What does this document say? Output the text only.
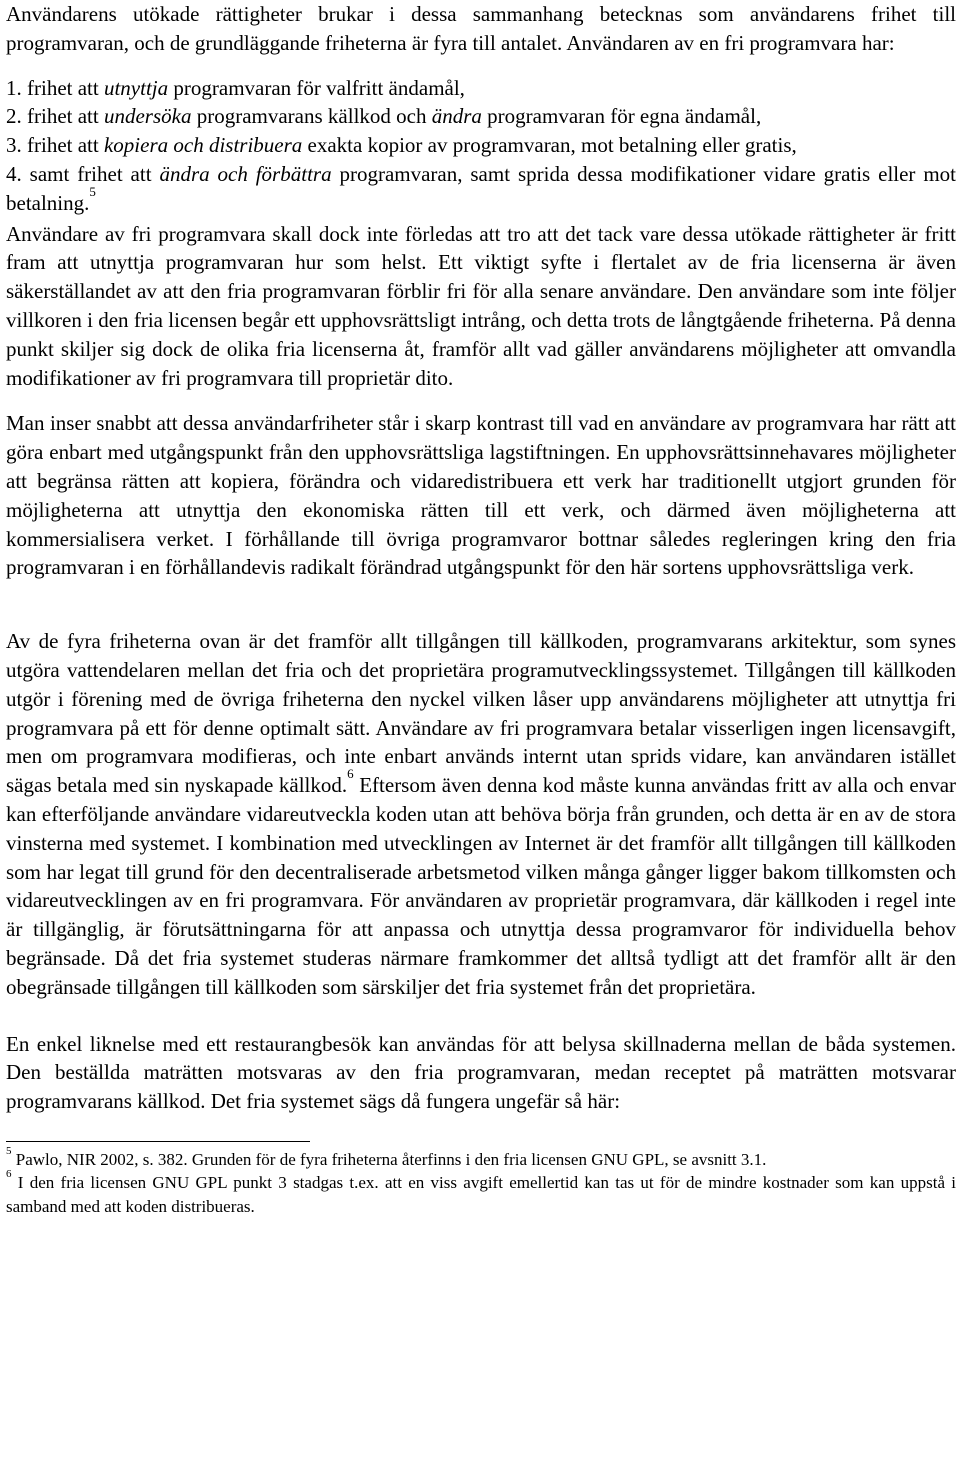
Användarens utökade rättigheter brukar i dessa sammanhang betecknas som användarens frihet till programvaran, och de grundläggande friheterna är fyra till antalet. Användaren av en fri programvara har:

1. frihet att utnyttja programvaran för valfritt ändamål,
2. frihet att undersöka programvarans källkod och ändra programvaran för egna ändamål,
3. frihet att kopiera och distribuera exakta kopior av programvaran, mot betalning eller gratis,
4. samt frihet att ändra och förbättra programvaran, samt sprida dessa modifikationer vidare gratis eller mot betalning.$^5$

Användare av fri programvara skall dock inte förledas att tro att det tack vare dessa utökade rättigheter är fritt fram att utnyttja programvaran hur som helst. Ett viktigt syfte i flertalet av de fria licenserna är även säkerställandet av att den fria programvaran förblir fri för alla senare användare. Den användare som inte följer villkoren i den fria licensen begår ett upphovsrättsligt intrång, och detta trots de långtgående friheterna. På denna punkt skiljer sig dock de olika fria licenserna åt, framför allt vad gäller användarens möjligheter att omvandla modifikationer av fri programvara till proprietär dito.

Man inser snabbt att dessa användarfriheter står i skarp kontrast till vad en användare av programvara har rätt att göra enbart med utgångspunkt från den upphovsrättsliga lagstiftningen. En upphovsrättsinnehavares möjligheter att begränsa rätten att kopiera, förändra och vidaredistribuera ett verk har traditionellt utgjort grunden för möjligheterna att utnyttja den ekonomiska rätten till ett verk, och därmed även möjligheterna att kommersialisera verket. I förhållande till övriga programvaror bottnar således regleringen kring den fria programvaran i en förhållandevis radikalt förändrad utgångspunkt för den här sortens upphovsrättsliga verk.

Av de fyra friheterna ovan är det framför allt tillgången till källkoden, programvarans arkitektur, som synes utgöra vattendelaren mellan det fria och det proprietära programutvecklingssystemet. Tillgången till källkoden utgör i förening med de övriga friheterna den nyckel vilken låser upp användarens möjligheter att utnyttja fri programvara på ett för denne optimalt sätt. Användare av fri programvara betalar visserligen ingen licensavgift, men om programvara modifieras, och inte enbart används internt utan sprids vidare, kan användaren istället sägas betala med sin nyskapade källkod.$^6$ Eftersom även denna kod måste kunna användas fritt av alla och envar kan efterföljande användare vidareutveckla koden utan att behöva börja från grunden, och detta är en av de stora vinsterna med systemet. I kombination med utvecklingen av Internet är det framför allt tillgången till källkoden som har legat till grund för den decentraliserade arbetsmetod vilken många gånger ligger bakom tillkomsten och vidareutvecklingen av en fri programvara. För användaren av proprietär programvara, där källkoden i regel inte är tillgänglig, är förutsättningarna för att anpassa och utnyttja dessa programvaror för individuella behov begränsade. Då det fria systemet studeras närmare framkommer det alltså tydligt att det framför allt är den obegränsade tillgången till källkoden som särskiljer det fria systemet från det proprietära.

En enkel liknelse med ett restaurangbesök kan användas för att belysa skillnaderna mellan de båda systemen. Den beställda maträtten motsvaras av den fria programvaran, medan receptet på maträtten motsvarar programvarans källkod. Det fria systemet sägs då fungera ungefär så här:

$^5$ Pawlo, NIR 2002, s. 382. Grunden för de fyra friheterna återfinns i den fria licensen GNU GPL, se avsnitt 3.1.

$^6$ I den fria licensen GNU GPL punkt 3 stadgas t.ex. att en viss avgift emellertid kan tas ut för de mindre kostnader som kan uppstå i samband med att koden distribueras.
